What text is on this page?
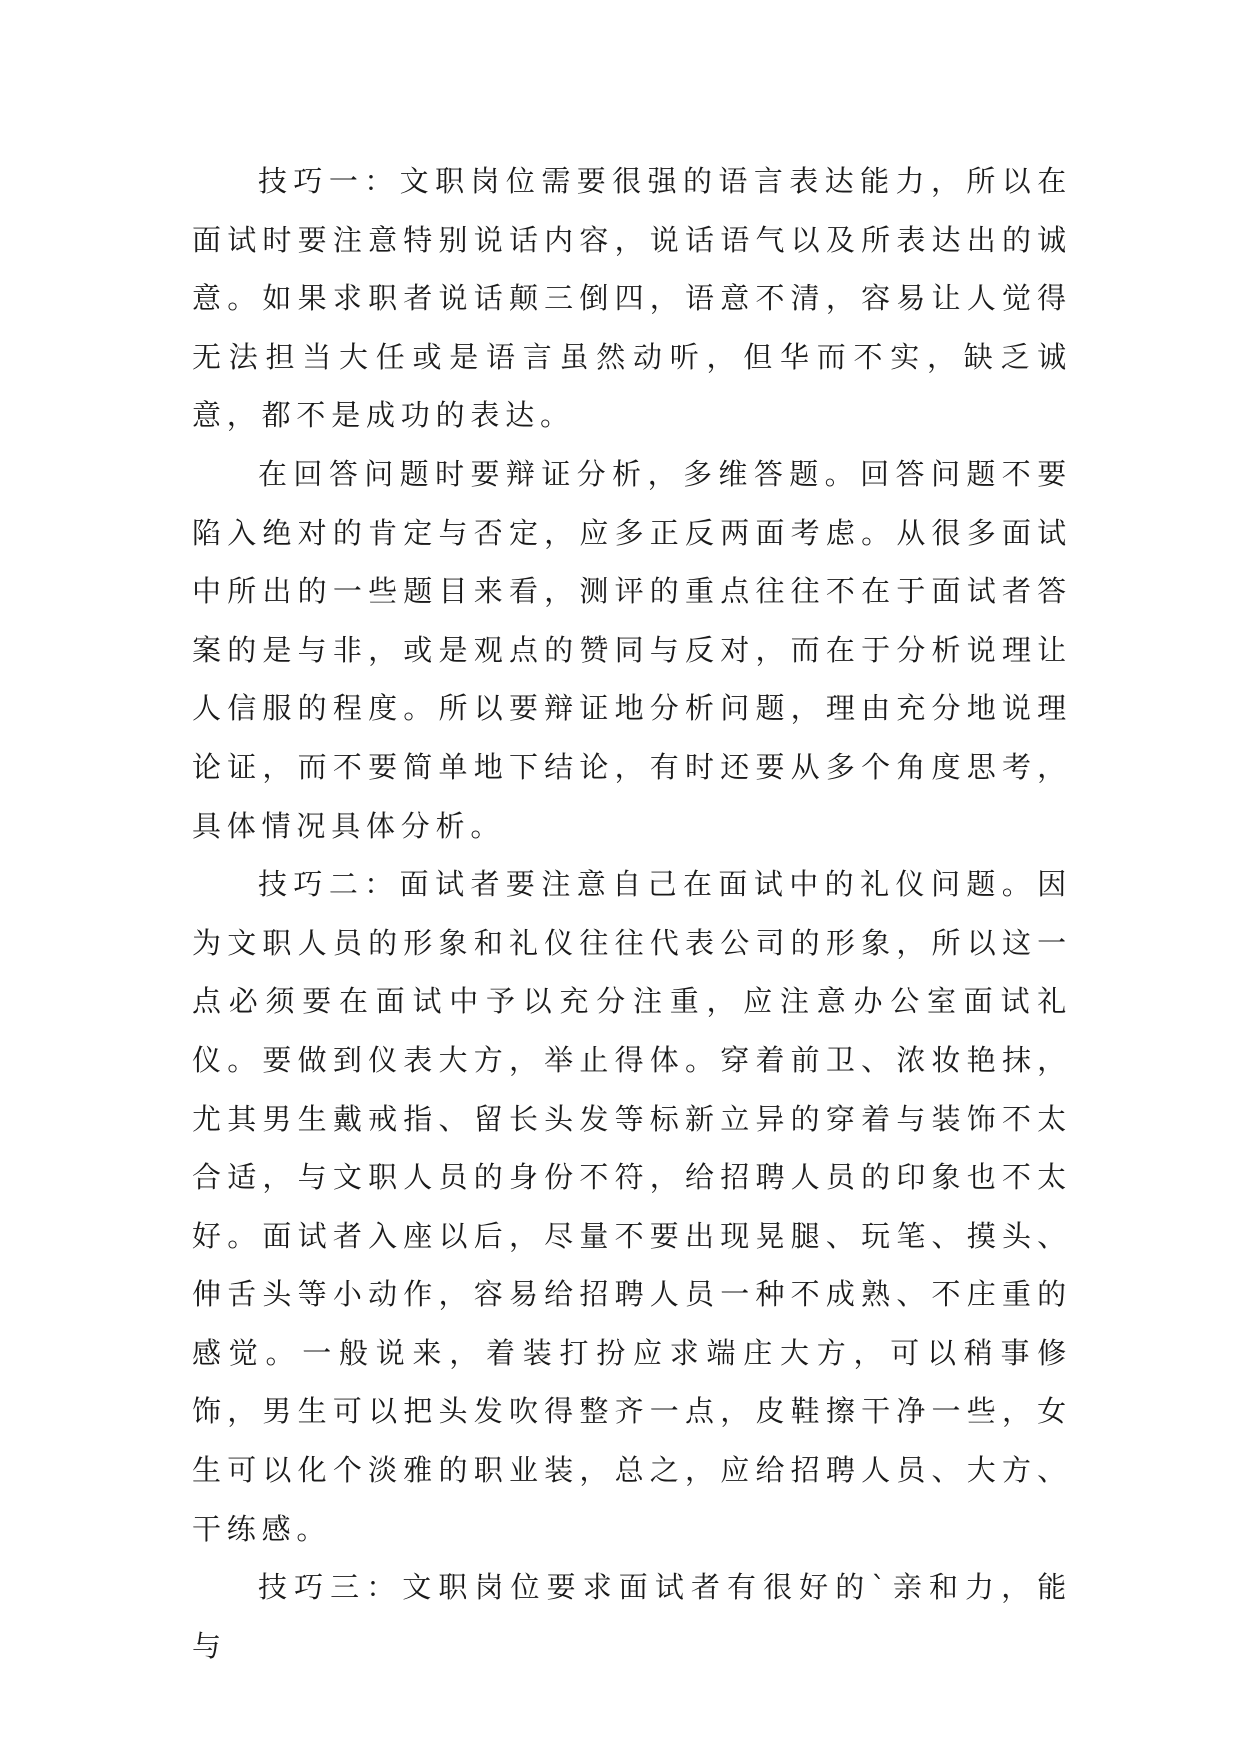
技巧一：文职岗位需要很强的语言表达能力，所以在面试时要注意特别说话内容，说话语气以及所表达出的诚意。如果求职者说话颠三倒四，语意不清，容易让人觉得无法担当大任或是语言虽然动听，但华而不实，缺乏诚意，都不是成功的表达。

在回答问题时要辩证分析，多维答题。回答问题不要陷入绝对的肯定与否定，应多正反两面考虑。从很多面试中所出的一些题目来看，测评的重点往往不在于面试者答案的是与非，或是观点的赞同与反对，而在于分析说理让人信服的程度。所以要辩证地分析问题，理由充分地说理论证，而不要简单地下结论，有时还要从多个角度思考，具体情况具体分析。

技巧二：面试者要注意自己在面试中的礼仪问题。因为文职人员的形象和礼仪往往代表公司的形象，所以这一点必须要在面试中予以充分注重，应注意办公室面试礼仪。要做到仪表大方，举止得体。穿着前卫、浓妆艳抹，尤其男生戴戒指、留长头发等标新立异的穿着与装饰不太合适，与文职人员的身份不符，给招聘人员的印象也不太好。面试者入座以后，尽量不要出现晃腿、玩笔、摸头、伸舌头等小动作，容易给招聘人员一种不成熟、不庄重的感觉。一般说来，着装打扮应求端庄大方，可以稍事修饰，男生可以把头发吹得整齐一点，皮鞋擦干净一些，女生可以化个淡雅的职业装，总之，应给招聘人员、大方、干练感。

技巧三：文职岗位要求面试者有很好的`亲和力，能与
